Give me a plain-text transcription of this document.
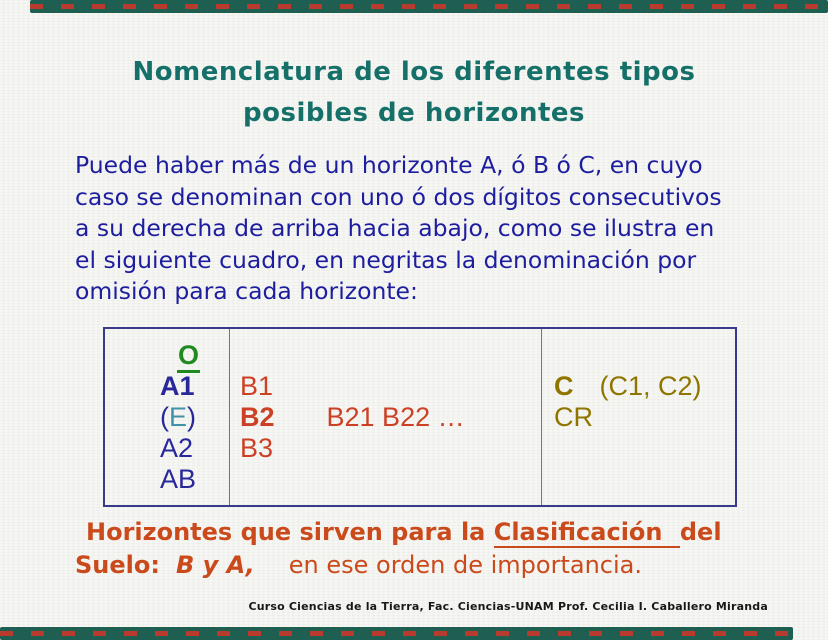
Nomenclatura de los diferentes tipos
posibles de horizontes
Puede haber más de un horizonte A, ó B ó C, en cuyo
caso se denominan con uno ó dos dígitos consecutivos
a su derecha de arriba hacia abajo, como se ilustra en
el siguiente cuadro, en negritas la denominación por
omisión para cada horizonte:
O
A1
(E)
A2
AB
B1
B2 B21 B22 …
B3
C (C1, C2)
CR
Horizontes que sirven para la Clasificación del
Suelo: B y A, en ese orden de importancia.
Curso Ciencias de la Tierra, Fac. Ciencias-UNAM Prof. Cecilia I. Caballero Miranda
